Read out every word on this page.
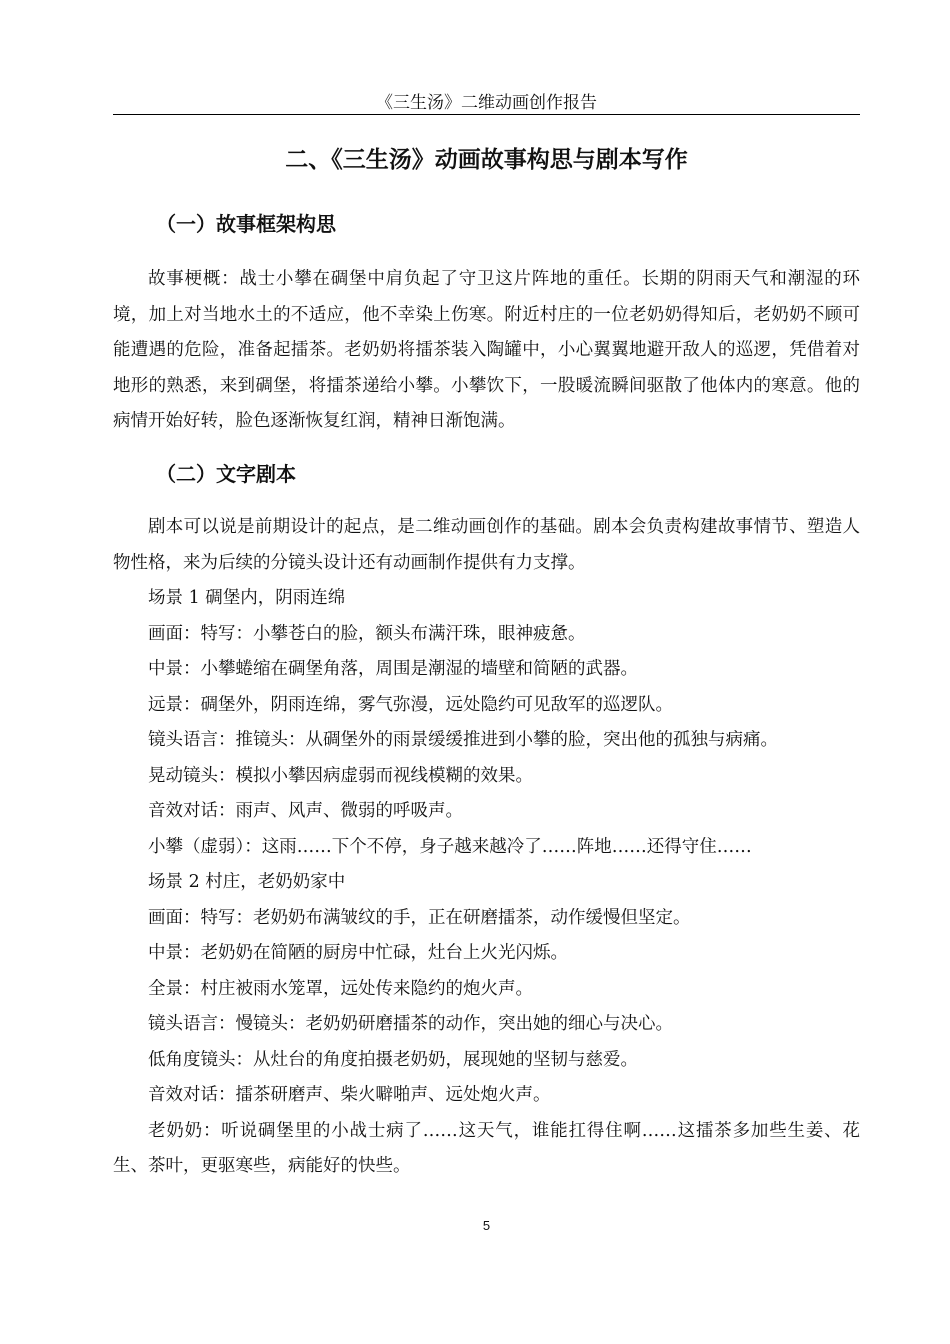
《三生汤》二维动画创作报告
二、《三生汤》动画故事构思与剧本写作
（一）故事框架构思

故事梗概：战士小攀在碉堡中肩负起了守卫这片阵地的重任。长期的阴雨天气和潮湿的环境，加上对当地水土的不适应，他不幸染上伤寒。附近村庄的一位老奶奶得知后，老奶奶不顾可能遭遇的危险，准备起擂茶。老奶奶将擂茶装入陶罐中，小心翼翼地避开敌人的巡逻，凭借着对地形的熟悉，来到碉堡，将擂茶递给小攀。小攀饮下，一股暖流瞬间驱散了他体内的寒意。他的病情开始好转，脸色逐渐恢复红润，精神日渐饱满。

（二）文字剧本

剧本可以说是前期设计的起点，是二维动画创作的基础。剧本会负责构建故事情节、塑造人物性格，来为后续的分镜头设计还有动画制作提供有力支撑。

场景 1 碉堡内，阴雨连绵
画面：特写：小攀苍白的脸，额头布满汗珠，眼神疲惫。
中景：小攀蜷缩在碉堡角落，周围是潮湿的墙壁和简陋的武器。
远景：碉堡外，阴雨连绵，雾气弥漫，远处隐约可见敌军的巡逻队。
镜头语言：推镜头：从碉堡外的雨景缓缓推进到小攀的脸，突出他的孤独与病痛。
晃动镜头：模拟小攀因病虚弱而视线模糊的效果。
音效对话：雨声、风声、微弱的呼吸声。
小攀（虚弱）：这雨……下个不停，身子越来越冷了……阵地……还得守住……
场景 2 村庄，老奶奶家中
画面：特写：老奶奶布满皱纹的手，正在研磨擂茶，动作缓慢但坚定。
中景：老奶奶在简陋的厨房中忙碌，灶台上火光闪烁。
全景：村庄被雨水笼罩，远处传来隐约的炮火声。
镜头语言：慢镜头：老奶奶研磨擂茶的动作，突出她的细心与决心。
低角度镜头：从灶台的角度拍摄老奶奶，展现她的坚韧与慈爱。
音效对话：擂茶研磨声、柴火噼啪声、远处炮火声。
老奶奶：听说碉堡里的小战士病了……这天气，谁能扛得住啊……这擂茶多加些生姜、花生、茶叶，更驱寒些，病能好的快些。
5
